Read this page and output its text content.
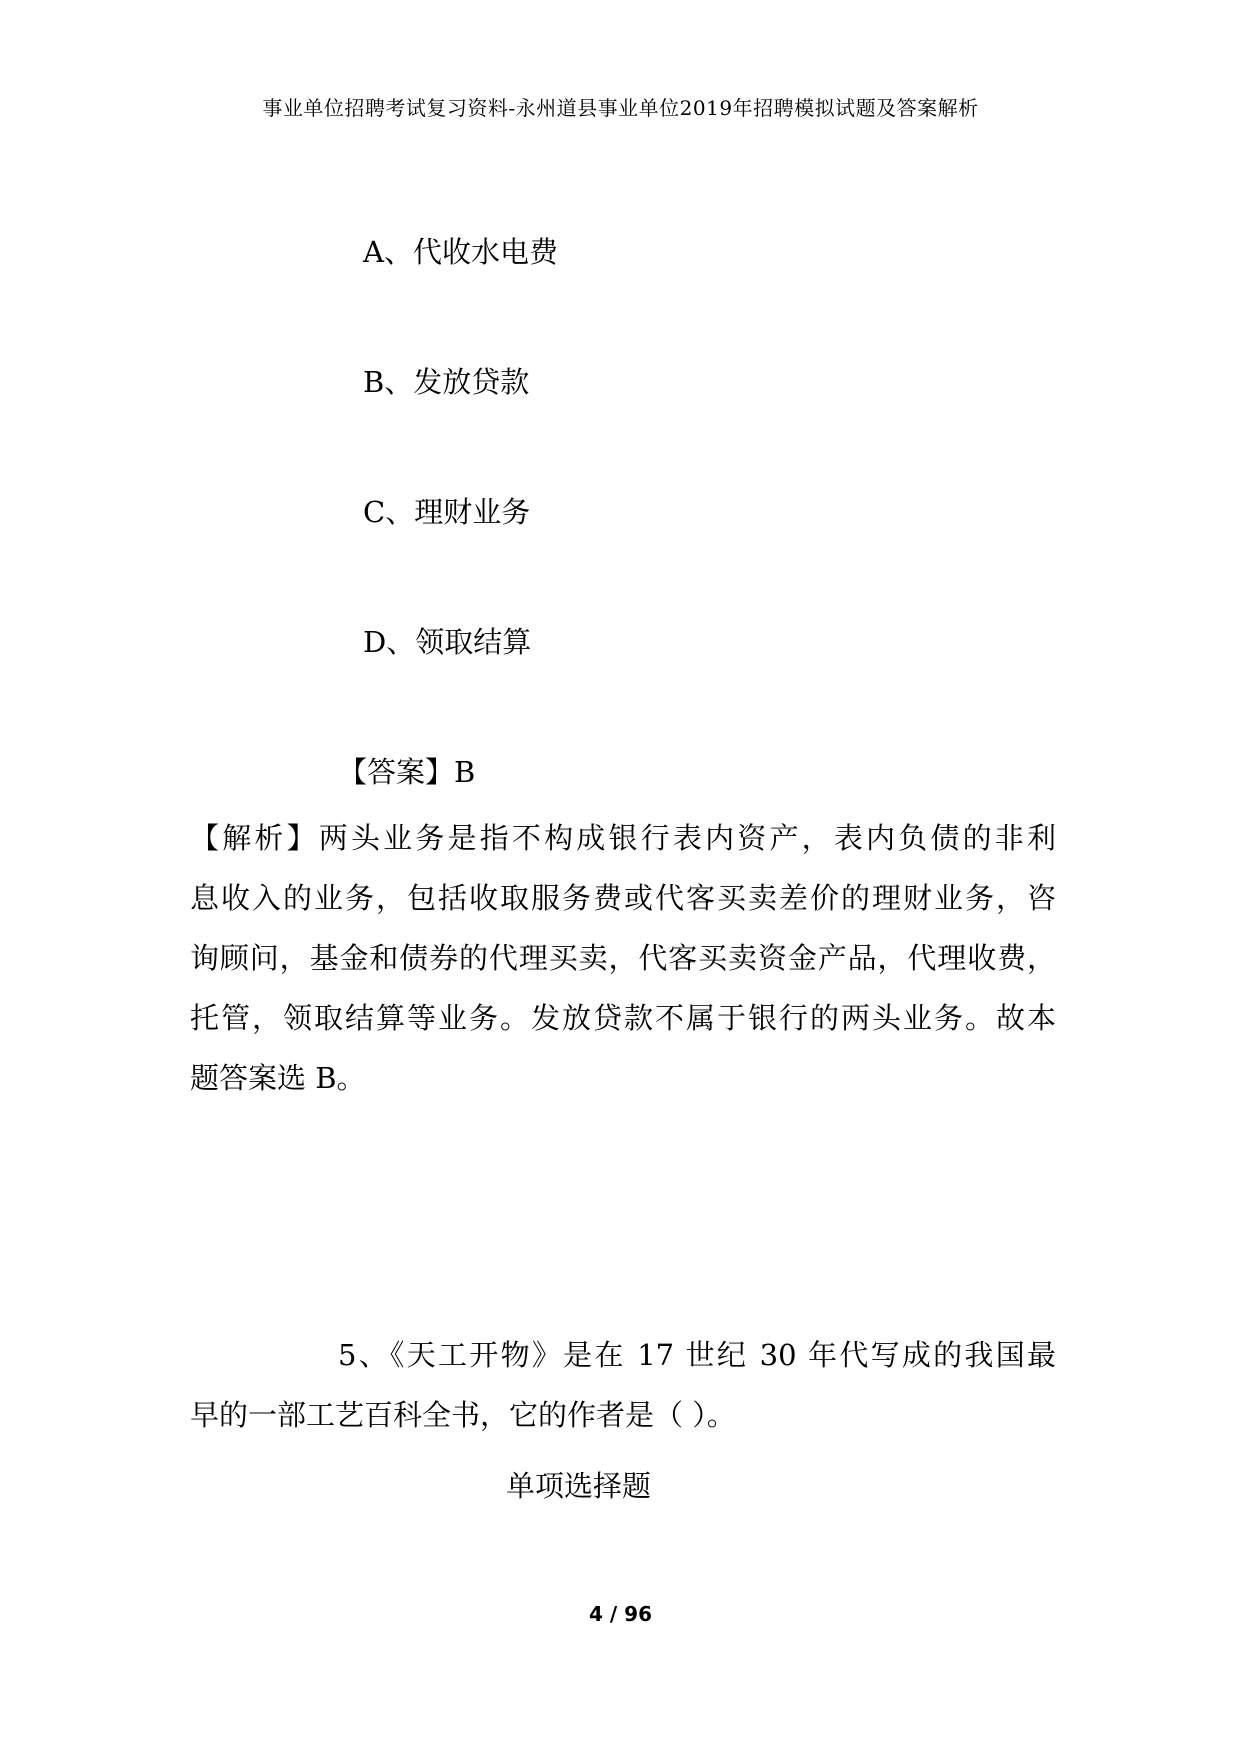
事业单位招聘考试复习资料-永州道县事业单位2019年招聘模拟试题及答案解析
A、代收水电费
B、发放贷款
C、理财业务
D、领取结算
【答案】B
【解析】两头业务是指不构成银行表内资产，表内负债的非利
息收入的业务，包括收取服务费或代客买卖差价的理财业务，咨
询顾问，基金和债券的代理买卖，代客买卖资金产品，代理收费，
托管，领取结算等业务。发放贷款不属于银行的两头业务。故本
题答案选 B。
5、《天工开物》是在 17 世纪 30 年代写成的我国最
早的一部工艺百科全书，它的作者是（ ）。
单项选择题
4 / 96
